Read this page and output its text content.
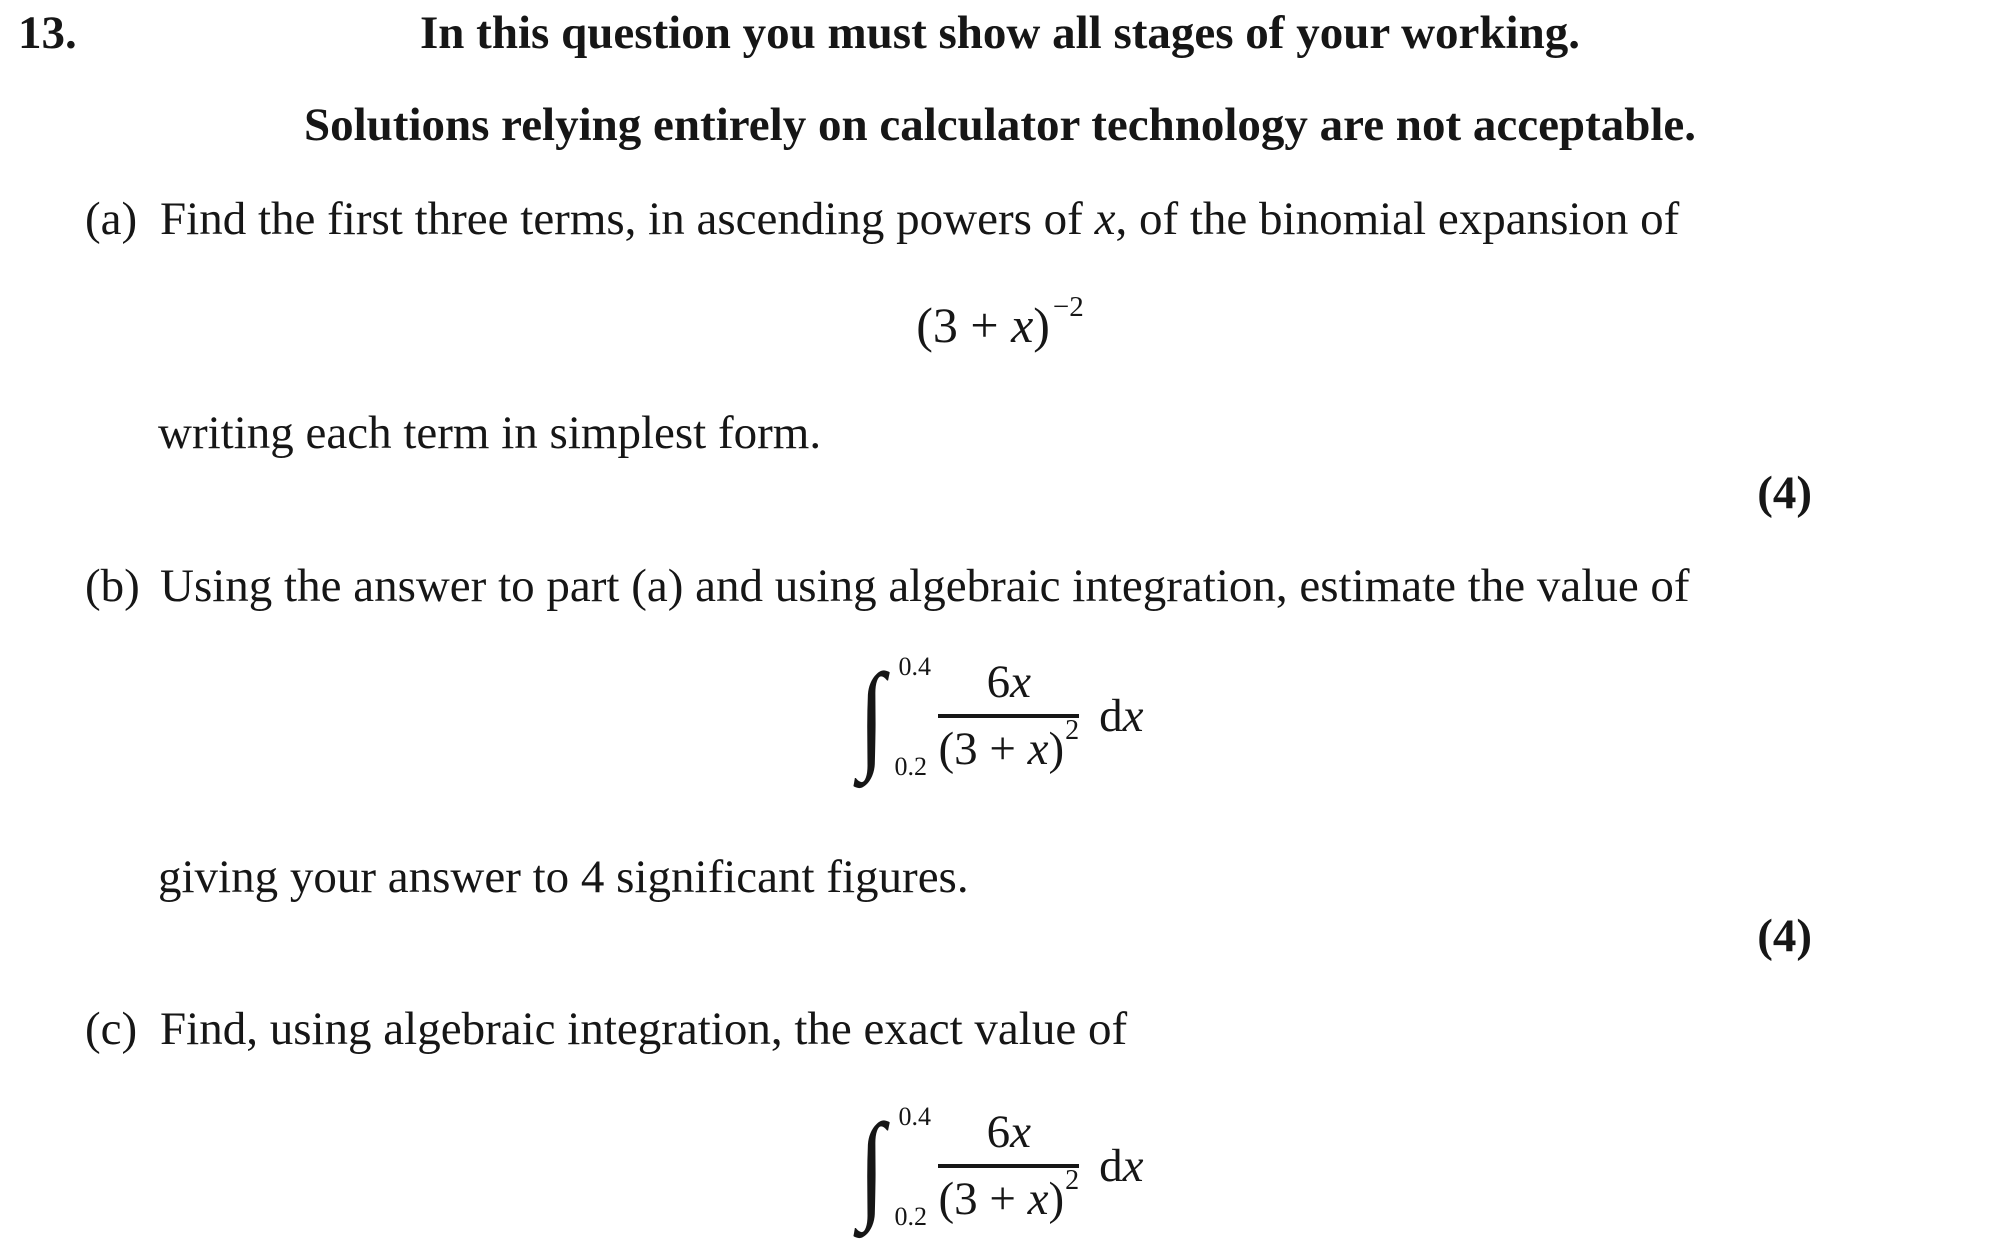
13.	In this question you must show all stages of your working.
Solutions relying entirely on calculator technology are not acceptable.
(a) Find the first three terms, in ascending powers of x, of the binomial expansion of
(3 + x) $^{-2}$
writing each term in simplest form.
(4)
(b) Using the answer to part (a) and using algebraic integration, estimate the value of
∫ 0.4
$0.2 \frac{6x}{(3 + x)^2}$ dx
giving your answer to 4 significant figures.
(4)
(c) Find, using algebraic integration, the exact value of
∫ 0.4
$0.2 \frac{6x}{(3 + x)^2}$ dx
